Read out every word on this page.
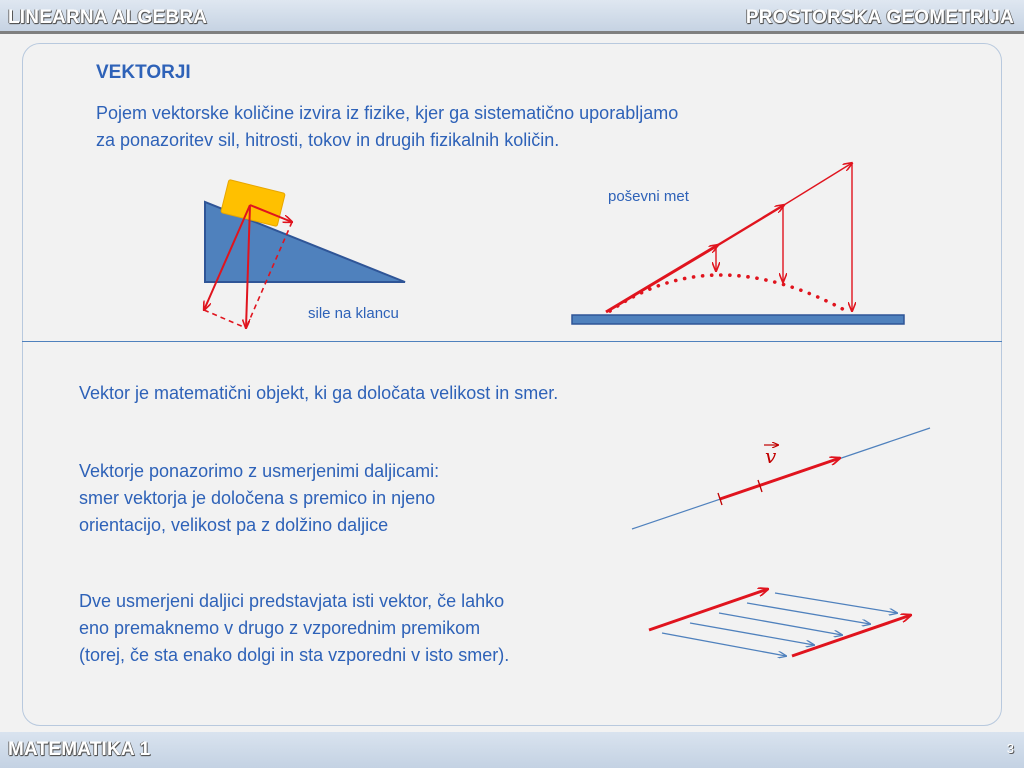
LINEARNA ALGEBRA	PROSTORSKA GEOMETRIJA
VEKTORJI
Pojem vektorske količine izvira iz fizike, kjer ga sistematično uporabljamo
za ponazoritev sil, hitrosti, tokov in drugih fizikalnih količin.
sile na klancu
poševni met
Vektor je matematični objekt, ki ga določata velikost in smer.
Vektorje ponazorimo z usmerjenimi daljicami:
smer vektorja je določena s premico in njeno
orientacijo, velikost pa z dolžino daljice
v
Dve usmerjeni daljici predstavjata isti vektor, če lahko
eno premaknemo v drugo z vzporednim premikom
(torej, če sta enako dolgi in sta vzporedni v isto smer).
MATEMATIKA 1	3
